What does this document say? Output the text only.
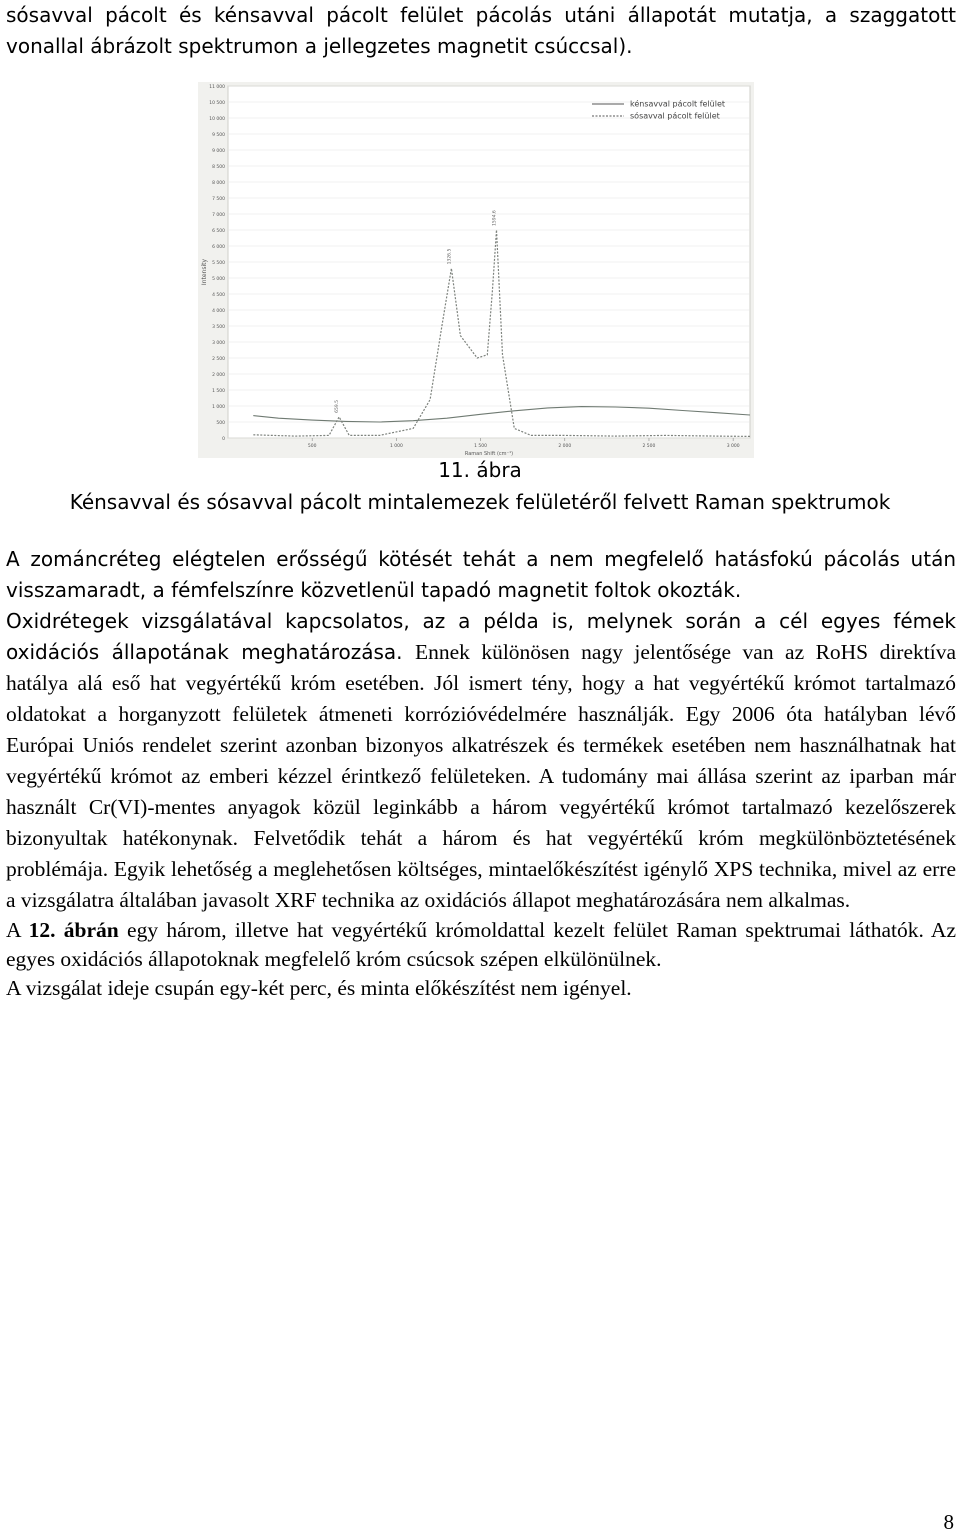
sósavval pácolt és kénsavval pácolt felület pácolás utáni állapotát mutatja, a szaggatott vonallal ábrázolt spektrumon a jellegzetes magnetit csúccsal).

0
500
1 000
1 500
2 000
2 500
3 000
3 500
4 000
4 500
5 000
5 500
6 000
6 500
7 000
7 500
8 000
8 500
9 000
9 500
10 000
10 500
11 000
500	1 000	1 500	2 000	2 500	3 000
Intensity
Raman Shift (cm⁻¹)
659.5
1326.5
1594.6
kénsavval pácolt felület
sósavval pácolt felület

11. ábra

Kénsavval és sósavval pácolt mintalemezek felületéről felvett Raman spektrumok

A zománcréteg elégtelen erősségű kötését tehát a nem megfelelő hatásfokú pácolás után visszamaradt, a fémfelszínre közvetlenül tapadó magnetit foltok okozták.

Oxidrétegek vizsgálatával kapcsolatos, az a példa is, melynek során a cél egyes fémek oxidációs állapotának meghatározása. Ennek különösen nagy jelentősége van az RoHS direktíva hatálya alá eső hat vegyértékű króm esetében. Jól ismert tény, hogy a hat vegyértékű krómot tartalmazó oldatokat a horganyzott felületek átmeneti korrózióvédelmére használják. Egy 2006 óta hatályban lévő Európai Uniós rendelet szerint azonban bizonyos alkatrészek és termékek esetében nem használhatnak hat vegyértékű krómot az emberi kézzel érintkező felületeken. A tudomány mai állása szerint az iparban már használt Cr(VI)-mentes anyagok közül leginkább a három vegyértékű krómot tartalmazó kezelőszerek bizonyultak hatékonynak. Felvetődik tehát a három és hat vegyértékű króm megkülönböztetésének problémája. Egyik lehetőség a meglehetősen költséges, mintaelőkészítést igénylő XPS technika, mivel az erre a vizsgálatra általában javasolt XRF technika az oxidációs állapot meghatározására nem alkalmas.

A 12. ábrán egy három, illetve hat vegyértékű krómoldattal kezelt felület Raman spektrumai láthatók. Az egyes oxidációs állapotoknak megfelelő króm csúcsok szépen elkülönülnek.

A vizsgálat ideje csupán egy-két perc, és minta előkészítést nem igényel.

8
